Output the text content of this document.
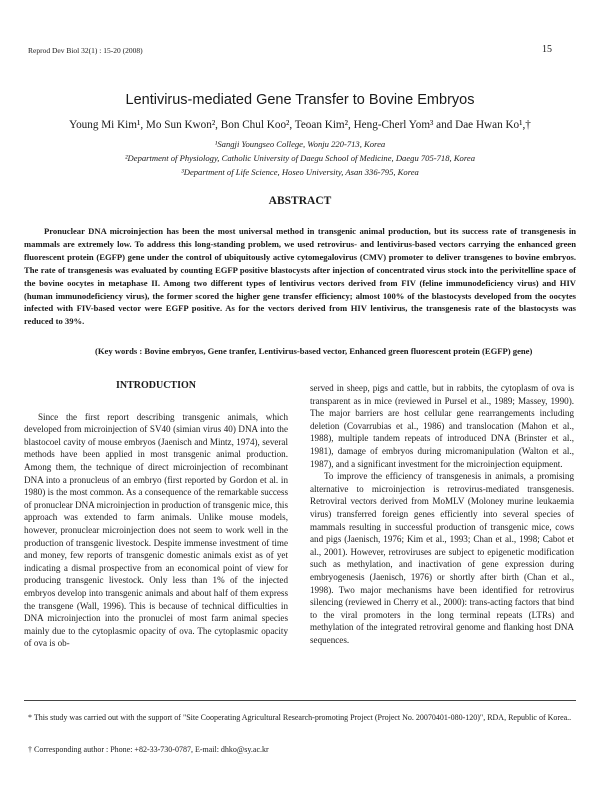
Reprod Dev Biol 32(1) : 15-20 (2008)	15
Lentivirus-mediated Gene Transfer to Bovine Embryos
Young Mi Kim¹, Mo Sun Kwon², Bon Chul Koo², Teoan Kim², Heng-Cherl Yom³ and Dae Hwan Ko¹,†
¹Sangji Youngseo College, Wonju 220-713, Korea
²Department of Physiology, Catholic University of Daegu School of Medicine, Daegu 705-718, Korea
³Department of Life Science, Hoseo University, Asan 336-795, Korea
ABSTRACT

Pronuclear DNA microinjection has been the most universal method in transgenic animal production, but its success rate of transgenesis in mammals are extremely low. To address this long-standing problem, we used retrovirus- and lentivirus-based vectors carrying the enhanced green fluorescent protein (EGFP) gene under the control of ubiquitously active cytomegalovirus (CMV) promoter to deliver transgenes to bovine embryos. The rate of transgenesis was evaluated by counting EGFP positive blastocysts after injection of concentrated virus stock into the perivitelline space of the bovine oocytes in metaphase II. Among two different types of lentivirus vectors derived from FIV (feline immunodeficiency virus) and HIV (human immunodeficiency virus), the former scored the higher gene transfer efficiency; almost 100% of the blastocysts developed from the oocytes infected with FIV-based vector were EGFP positive. As for the vectors derived from HIV lentivirus, the transgenesis rate of the blastocysts was reduced to 39%.

(Key words : Bovine embryos, Gene tranfer, Lentivirus-based vector, Enhanced green fluorescent protein (EGFP) gene)

INTRODUCTION

Since the first report describing transgenic animals, which developed from microinjection of SV40 (simian virus 40) DNA into the blastocoel cavity of mouse embryos (Jaenisch and Mintz, 1974), several methods have been applied in most transgenic animal production. Among them, the technique of direct microinjection of recombinant DNA into a pronucleus of an embryo (first reported by Gordon et al. in 1980) is the most common. As a consequence of the remarkable success of pronuclear DNA microinjection in production of transgenic mice, this approach was extended to farm animals. Unlike mouse models, however, pronuclear microinjection does not seem to work well in the production of transgenic livestock. Despite immense investment of time and money, few reports of transgenic domestic animals exist as of yet indicating a dismal prospective from an economical point of view for producing transgenic livestock. Only less than 1% of the injected embryos develop into transgenic animals and about half of them express the transgene (Wall, 1996). This is because of technical difficulties in DNA microinjection into the pronuclei of most farm animal species mainly due to the cytoplasmic opacity of ova. The cytoplasmic opacity of ova is ob-

served in sheep, pigs and cattle, but in rabbits, the cytoplasm of ova is transparent as in mice (reviewed in Pursel et al., 1989; Massey, 1990). The major barriers are host cellular gene rearrangements including deletion (Covarrubias et al., 1986) and translocation (Mahon et al., 1988), multiple tandem repeats of introduced DNA (Brinster et al., 1981), damage of embryos during micromanipulation (Walton et al., 1987), and a significant investment for the microinjection equipment.

To improve the efficiency of transgenesis in animals, a promising alternative to microinjection is retrovirus-mediated transgenesis. Retroviral vectors derived from MoMLV (Moloney murine leukaemia virus) transferred foreign genes efficiently into several species of mammals resulting in successful production of transgenic mice, cows and pigs (Jaenisch, 1976; Kim et al., 1993; Chan et al., 1998; Cabot et al., 2001). However, retroviruses are subject to epigenetic modification such as methylation, and inactivation of gene expression during embryogenesis (Jaenisch, 1976) or shortly after birth (Chan et al., 1998). Two major mechanisms have been identified for retrovirus silencing (reviewed in Cherry et al., 2000): trans-acting factors that bind to the viral promoters in the long terminal repeats (LTRs) and methylation of the integrated retroviral genome and flanking host DNA sequences.

* This study was carried out with the support of "Site Cooperating Agricultural Research-promoting Project (Project No. 20070401-080-120)", RDA, Republic of Korea..

† Corresponding author : Phone: +82-33-730-0787, E-mail: dhko@sy.ac.kr
